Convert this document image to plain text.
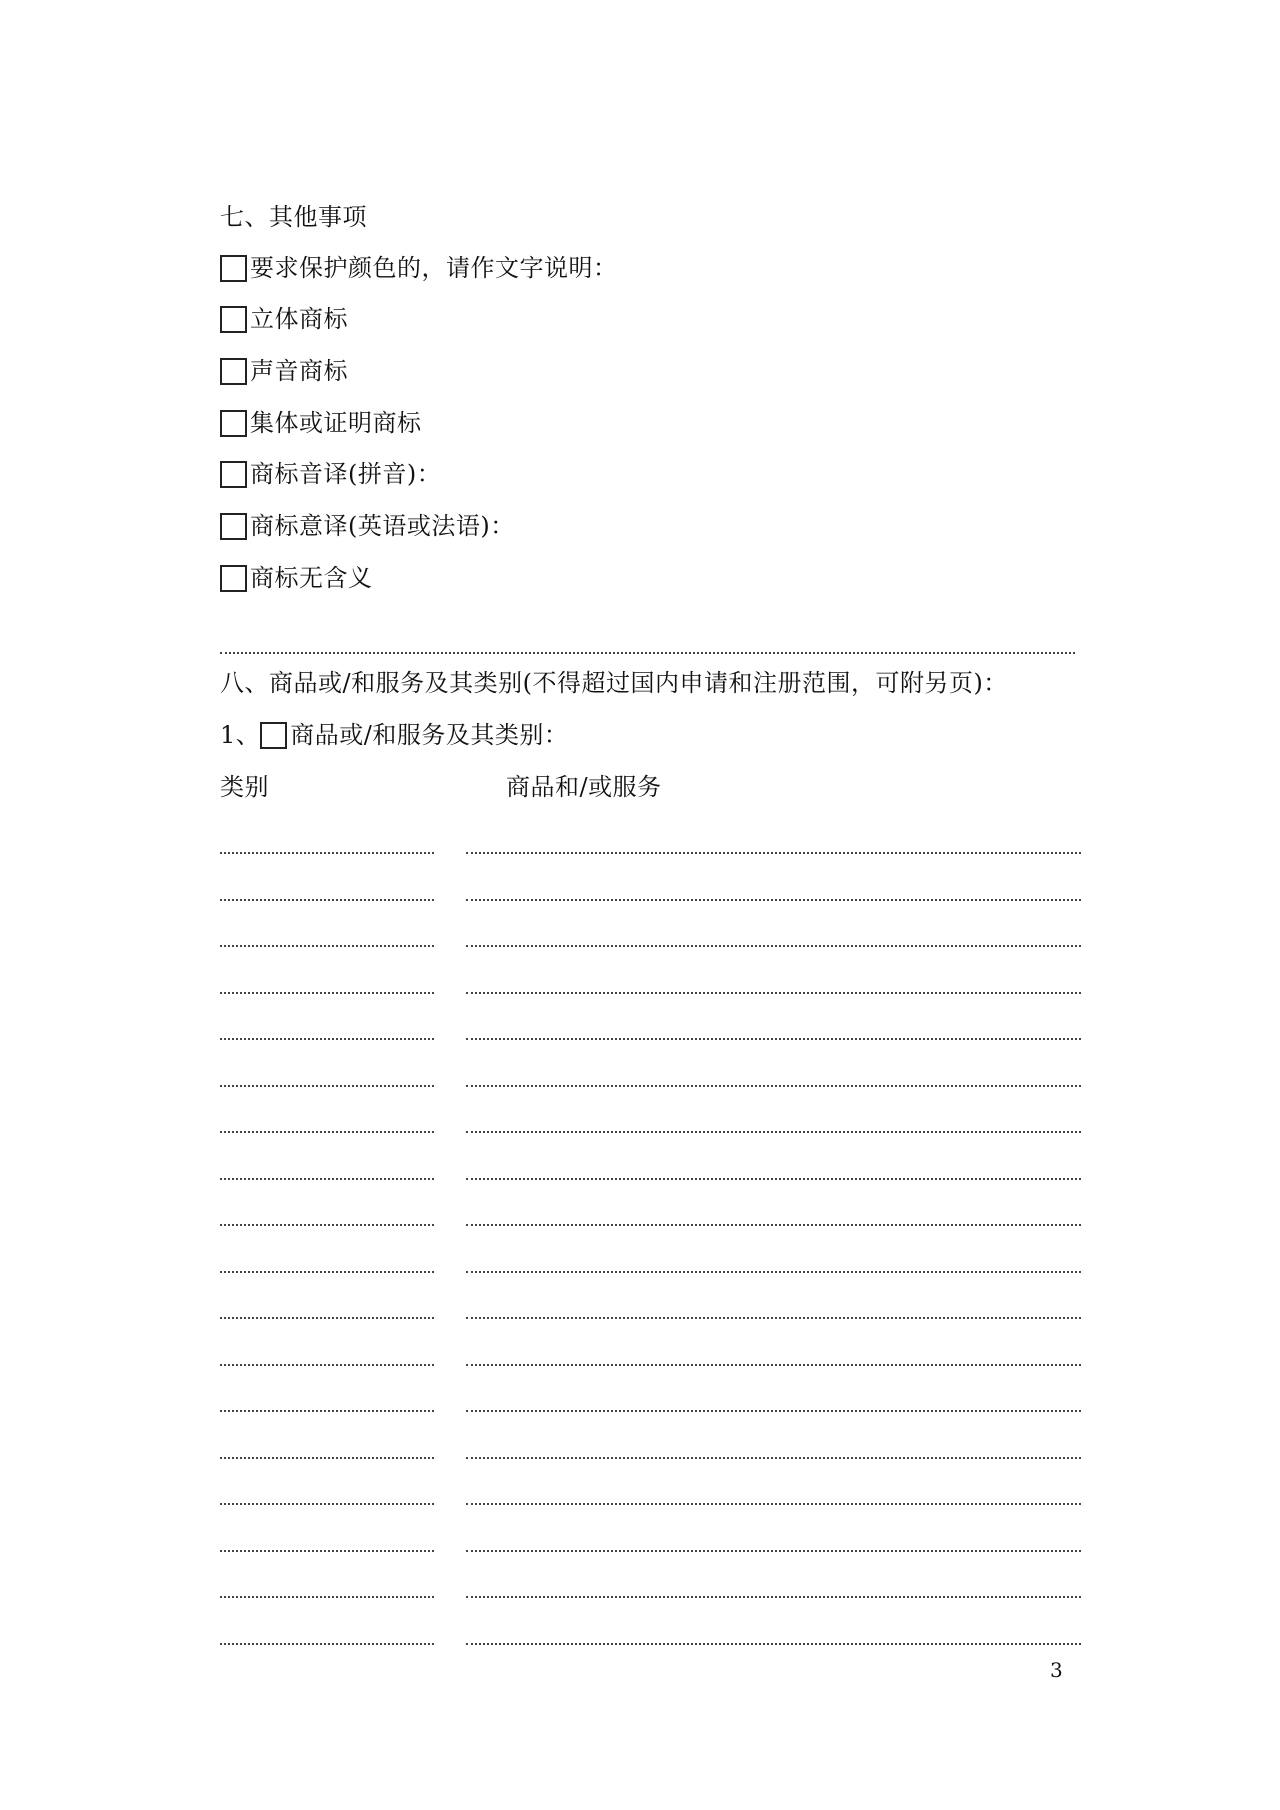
七、其他事项
要求保护颜色的，请作文字说明：
立体商标
声音商标
集体或证明商标
商标音译(拼音)：
商标意译(英语或法语)：
商标无含义
八、商品或/和服务及其类别(不得超过国内申请和注册范围，可附另页)：
1、 商品或/和服务及其类别：
类别	商品和/或服务
3
